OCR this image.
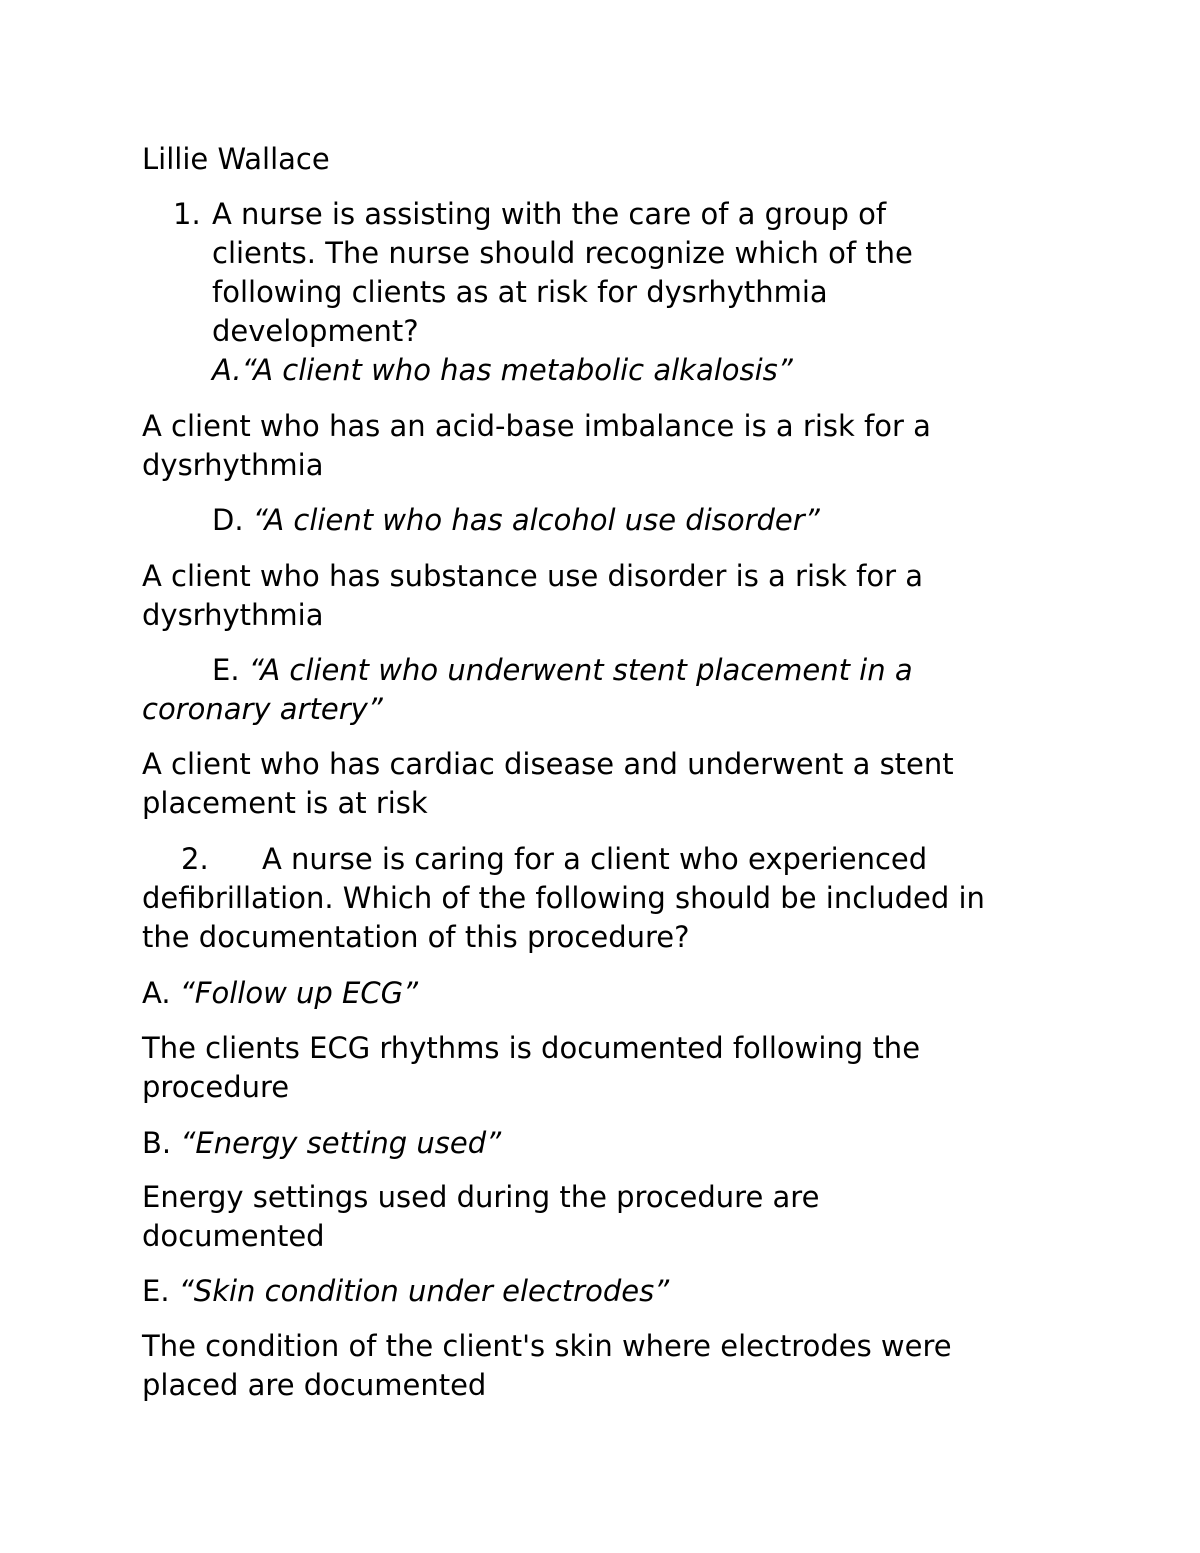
Lillie Wallace

1. A nurse is assisting with the care of a group of

clients. The nurse should recognize which of the

following clients as at risk for dysrhythmia

development?

A.“A client who has metabolic alkalosis”

A client who has an acid-base imbalance is a risk for a

dysrhythmia

D. “A client who has alcohol use disorder”

A client who has substance use disorder is a risk for a

dysrhythmia

E. “A client who underwent stent placement in a

coronary artery”

A client who has cardiac disease and underwent a stent

placement is at risk

2. A nurse is caring for a client who experienced

defibrillation. Which of the following should be included in

the documentation of this procedure?

A. “Follow up ECG”

The clients ECG rhythms is documented following the

procedure

B. “Energy setting used”

Energy settings used during the procedure are

documented

E. “Skin condition under electrodes”

The condition of the client's skin where electrodes were

placed are documented
